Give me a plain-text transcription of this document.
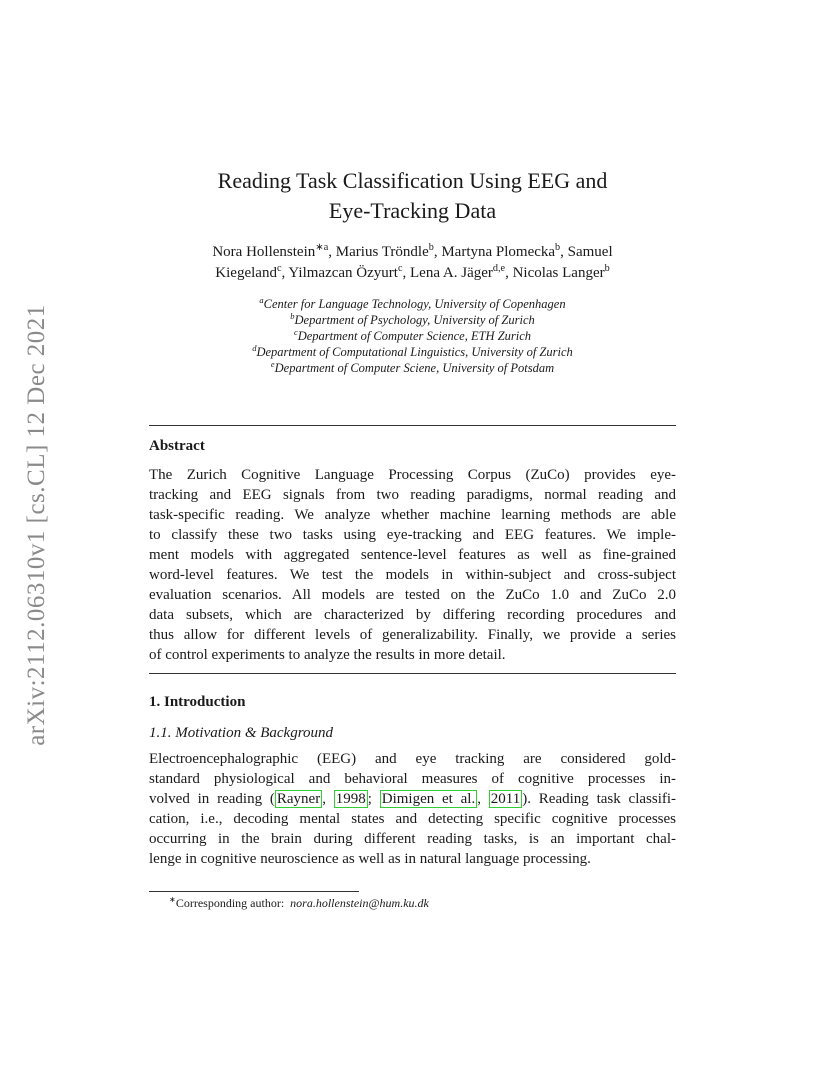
arXiv:2112.06310v1 [cs.CL] 12 Dec 2021
Reading Task Classification Using EEG and
Eye-Tracking Data
Nora Hollenstein$^{∗a}$, Marius Tröndle$^b$, Martyna Plomecka$^b$, Samuel
Kiegeland$^c$, Yilmazcan Özyurt$^c$, Lena A. Jäger$^{d,e}$, Nicolas Langer$^b$
$^a$Center for Language Technology, University of Copenhagen
$^b$Department of Psychology, University of Zurich
$^c$Department of Computer Science, ETH Zurich
$^d$Department of Computational Linguistics, University of Zurich
$^e$Department of Computer Sciene, University of Potsdam
Abstract
The Zurich Cognitive Language Processing Corpus (ZuCo) provides eye-
tracking and EEG signals from two reading paradigms, normal reading and
task-specific reading. We analyze whether machine learning methods are able
to classify these two tasks using eye-tracking and EEG features. We imple-
ment models with aggregated sentence-level features as well as fine-grained
word-level features. We test the models in within-subject and cross-subject
evaluation scenarios. All models are tested on the ZuCo 1.0 and ZuCo 2.0
data subsets, which are characterized by differing recording procedures and
thus allow for different levels of generalizability. Finally, we provide a series
of control experiments to analyze the results in more detail.
1. Introduction
1.1. Motivation & Background
Electroencephalographic (EEG) and eye tracking are considered gold-
standard physiological and behavioral measures of cognitive processes in-
volved in reading ( Rayner , 1998 ; Dimigen et al. , 2011 ). Reading task classifi-
cation, i.e., decoding mental states and detecting specific cognitive processes
occurring in the brain during different reading tasks, is an important chal-
lenge in cognitive neuroscience as well as in natural language processing.
∗Corresponding author: nora.hollenstein@hum.ku.dk
